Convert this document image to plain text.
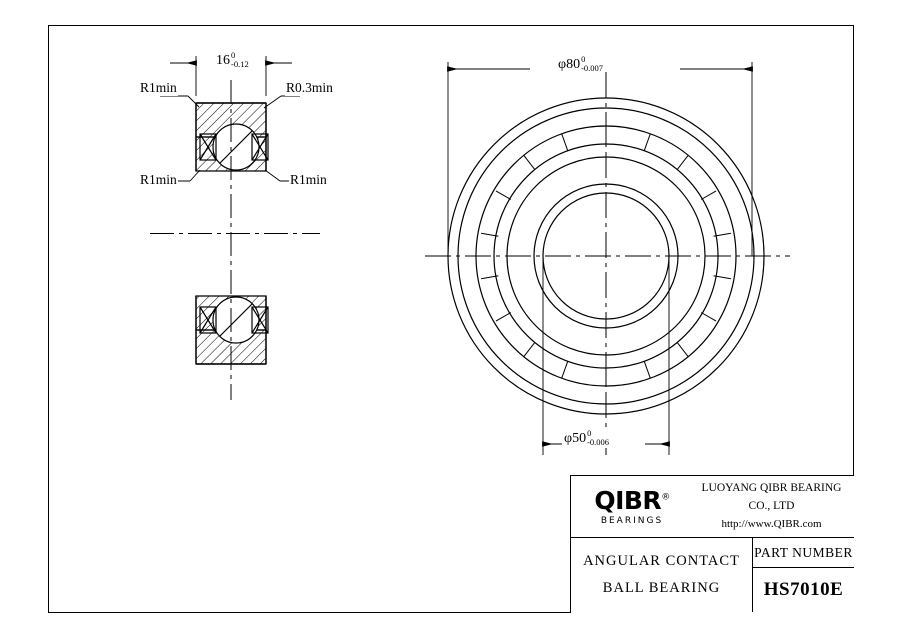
16 0
-0.12
R1min	R0.3min
R1min	R1min
φ80 0
-0.007
φ50 0
-0.006
QIBR®
BEARINGS
LUOYANG QIBR BEARING CO., LTD
http://www.QIBR.com
ANGULAR CONTACT
BALL BEARING
PART NUMBER
HS7010E
